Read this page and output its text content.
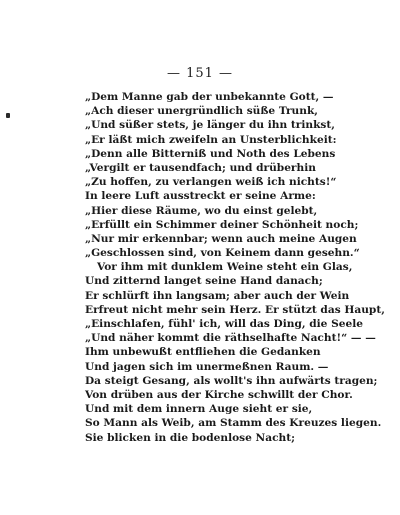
— 151 —
„Dem Manne gab der unbekannte Gott, —
„Ach dieser unergründlich süße Trunk,
„Und süßer stets, je länger du ihn trinkst,
„Er läßt mich zweifeln an Unsterblichkeit:
„Denn alle Bitterniß und Noth des Lebens
„Vergilt er tausendfach; und drüberhin
„Zu hoffen, zu verlangen weiß ich nichts!“
In leere Luft ausstreckt er seine Arme:
„Hier diese Räume, wo du einst gelebt,
„Erfüllt ein Schimmer deiner Schönheit noch;
„Nur mir erkennbar; wenn auch meine Augen
„Geschlossen sind, von Keinem dann gesehn.“
Vor ihm mit dunklem Weine steht ein Glas,
Und zitternd langet seine Hand danach;
Er schlürft ihn langsam; aber auch der Wein
Erfreut nicht mehr sein Herz. Er stützt das Haupt,
„Einschlafen, fühl' ich, will das Ding, die Seele
„Und näher kommt die räthselhafte Nacht!“ — —
Ihm unbewußt entfliehen die Gedanken
Und jagen sich im unermeßnen Raum. —
Da steigt Gesang, als wollt's ihn aufwärts tragen;
Von drüben aus der Kirche schwillt der Chor.
Und mit dem innern Auge sieht er sie,
So Mann als Weib, am Stamm des Kreuzes liegen.
Sie blicken in die bodenlose Nacht;
